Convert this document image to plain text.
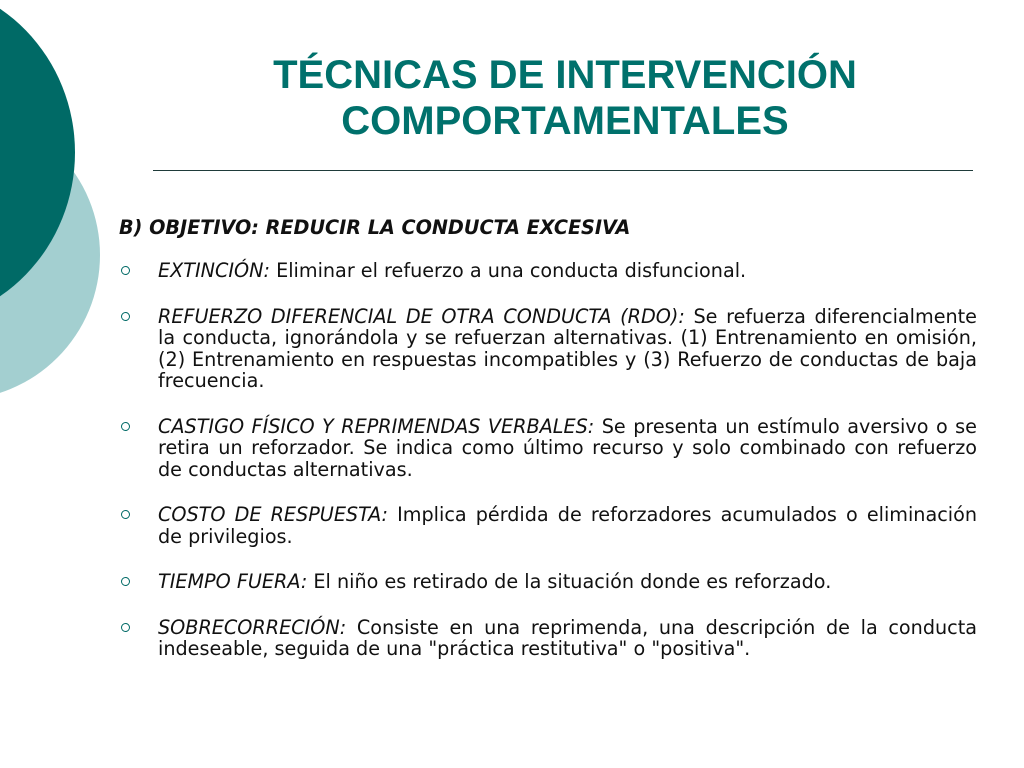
TÉCNICAS DE INTERVENCIÓN
COMPORTAMENTALES

B) OBJETIVO: REDUCIR LA CONDUCTA EXCESIVA

EXTINCIÓN: Eliminar el refuerzo a una conducta disfuncional.
REFUERZO DIFERENCIAL DE OTRA CONDUCTA (RDO): Se refuerza diferencialmente la conducta, ignorándola y se refuerzan alternativas. (1) Entrenamiento en omisión, (2) Entrenamiento en respuestas incompatibles y (3) Refuerzo de conductas de baja frecuencia.
CASTIGO FÍSICO Y REPRIMENDAS VERBALES: Se presenta un estímulo aversivo o se retira un reforzador. Se indica como último recurso y solo combinado con refuerzo de conductas alternativas.
COSTO DE RESPUESTA: Implica pérdida de reforzadores acumulados o eliminación de privilegios.
TIEMPO FUERA: El niño es retirado de la situación donde es reforzado.
SOBRECORRECIÓN: Consiste en una reprimenda, una descripción de la conducta indeseable, seguida de una "práctica restitutiva" o "positiva".
